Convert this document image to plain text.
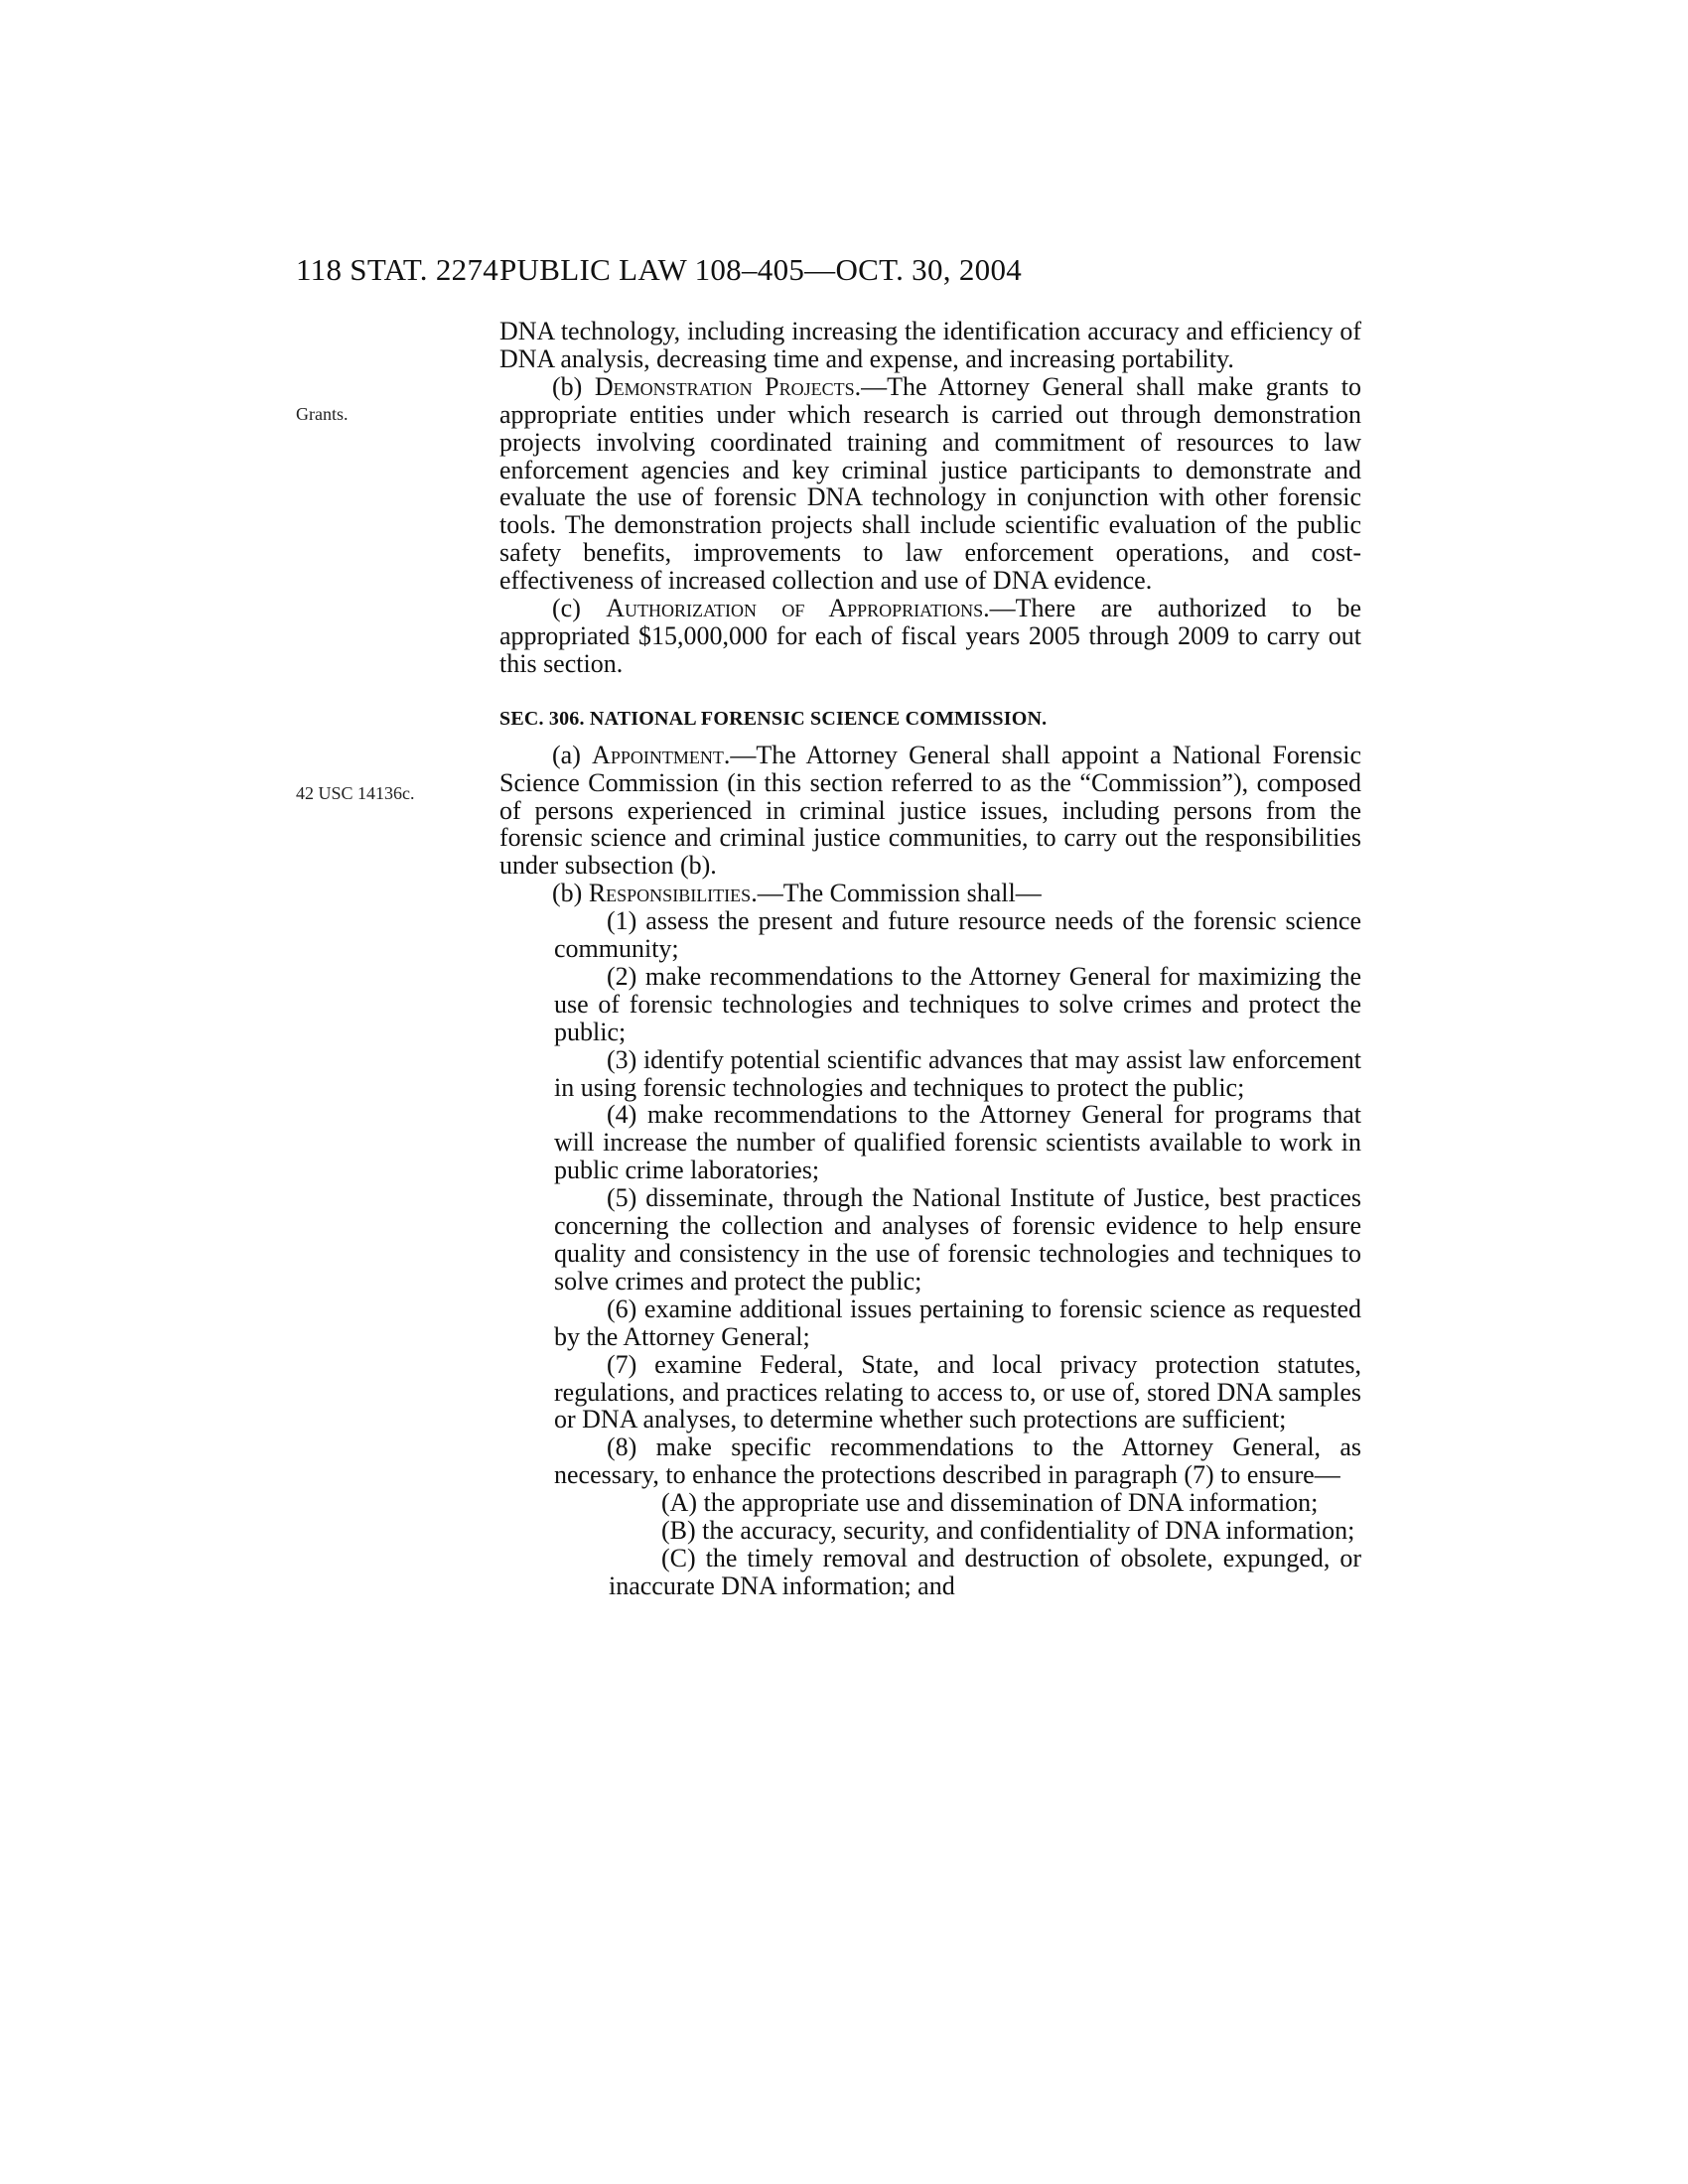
118 STAT. 2274 PUBLIC LAW 108–405—OCT. 30, 2004
Grants.
42 USC 14136c.

DNA technology, including increasing the identification accuracy and efficiency of DNA analysis, decreasing time and expense, and increasing portability.

(b) Demonstration Projects.—The Attorney General shall make grants to appropriate entities under which research is carried out through demonstration projects involving coordinated training and commitment of resources to law enforcement agencies and key criminal justice participants to demonstrate and evaluate the use of forensic DNA technology in conjunction with other forensic tools. The demonstration projects shall include scientific evaluation of the public safety benefits, improvements to law enforcement operations, and cost-effectiveness of increased collection and use of DNA evidence.

(c) Authorization of Appropriations.—There are authorized to be appropriated $15,000,000 for each of fiscal years 2005 through 2009 to carry out this section.

SEC. 306. NATIONAL FORENSIC SCIENCE COMMISSION.

(a) Appointment.—The Attorney General shall appoint a National Forensic Science Commission (in this section referred to as the “Commission”), composed of persons experienced in criminal justice issues, including persons from the forensic science and criminal justice communities, to carry out the responsibilities under subsection (b).

(b) Responsibilities.—The Commission shall—

(1) assess the present and future resource needs of the forensic science community;

(2) make recommendations to the Attorney General for maximizing the use of forensic technologies and techniques to solve crimes and protect the public;

(3) identify potential scientific advances that may assist law enforcement in using forensic technologies and techniques to protect the public;

(4) make recommendations to the Attorney General for programs that will increase the number of qualified forensic scientists available to work in public crime laboratories;

(5) disseminate, through the National Institute of Justice, best practices concerning the collection and analyses of forensic evidence to help ensure quality and consistency in the use of forensic technologies and techniques to solve crimes and protect the public;

(6) examine additional issues pertaining to forensic science as requested by the Attorney General;

(7) examine Federal, State, and local privacy protection statutes, regulations, and practices relating to access to, or use of, stored DNA samples or DNA analyses, to determine whether such protections are sufficient;

(8) make specific recommendations to the Attorney General, as necessary, to enhance the protections described in paragraph (7) to ensure—

(A) the appropriate use and dissemination of DNA information;

(B) the accuracy, security, and confidentiality of DNA information;

(C) the timely removal and destruction of obsolete, expunged, or inaccurate DNA information; and
